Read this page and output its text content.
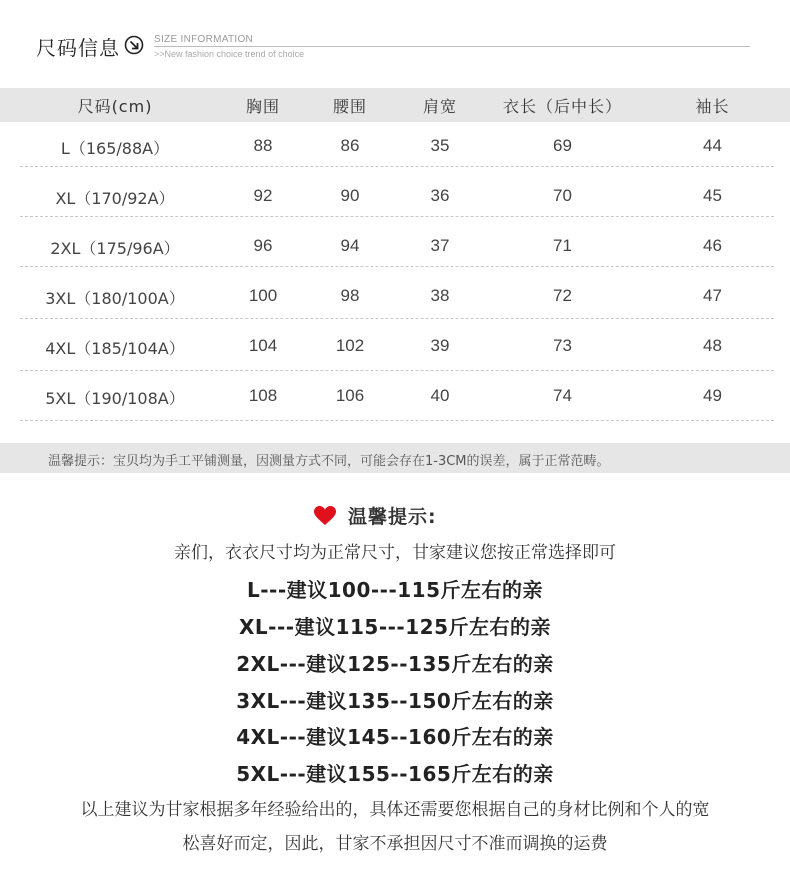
尺码信息	SIZE INFORMATION
>>New fashion choice trend of choice
尺码(cm)	胸围	腰围	肩宽	衣长（后中长）	袖长
L（165/88A）	88	86	35	69	44
XL（170/92A）	92	90	36	70	45
2XL（175/96A）	96	94	37	71	46
3XL（180/100A）	100	98	38	72	47
4XL（185/104A）	104	102	39	73	48
5XL（190/108A）	108	106	40	74	49
温馨提示：宝贝均为手工平铺测量，因测量方式不同，可能会存在1-3CM的误差，属于正常范畴。
温馨提示:
亲们，衣衣尺寸均为正常尺寸，甘家建议您按正常选择即可
L---建议100---115斤左右的亲
XL---建议115---125斤左右的亲
2XL---建议125--135斤左右的亲
3XL---建议135--150斤左右的亲
4XL---建议145--160斤左右的亲
5XL---建议155--165斤左右的亲
以上建议为甘家根据多年经验给出的，具体还需要您根据自己的身材比例和个人的宽
松喜好而定，因此，甘家不承担因尺寸不准而调换的运费
